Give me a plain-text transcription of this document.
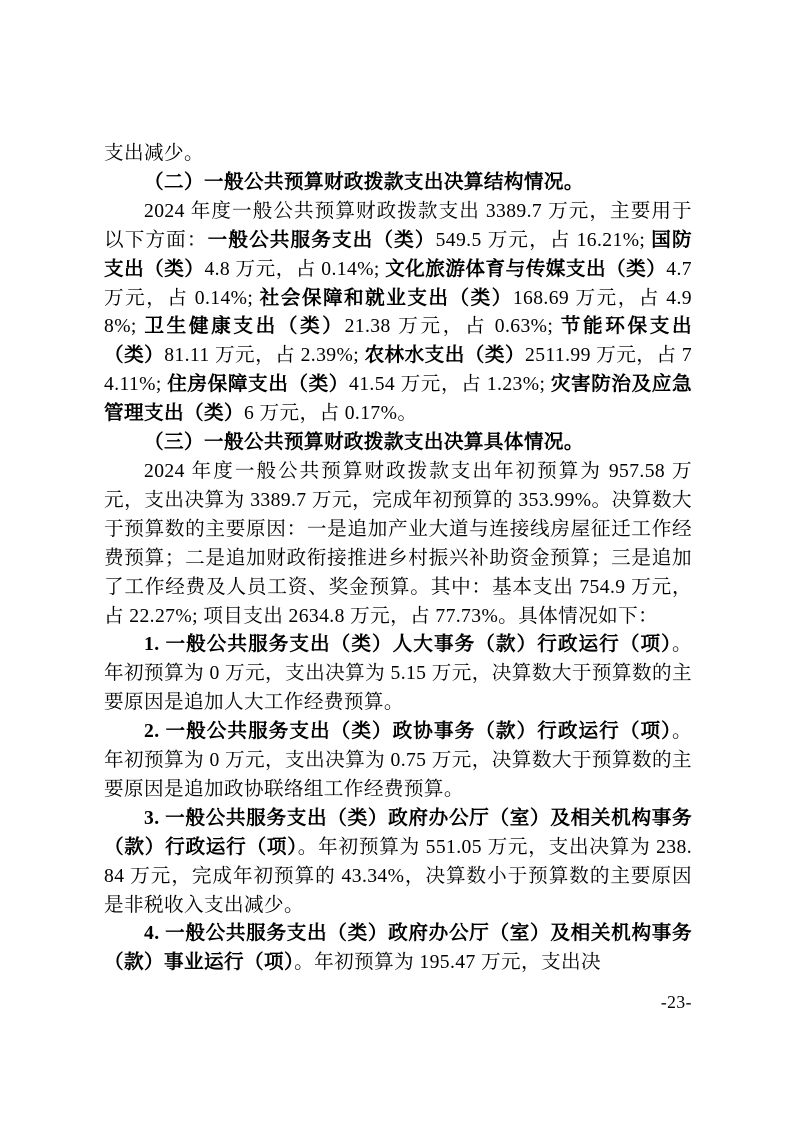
支出减少。

（二）一般公共预算财政拨款支出决算结构情况。

2024 年度一般公共预算财政拨款支出 3389.7 万元，主要用于以下方面：一般公共服务支出（类）549.5 万元，占 16.21%; 国防支出（类）4.8 万元，占 0.14%; 文化旅游体育与传媒支出（类）4.7 万元，占 0.14%; 社会保障和就业支出（类）168.69 万元，占 4.98%; 卫生健康支出（类）21.38 万元，占 0.63%; 节能环保支出（类）81.11 万元，占 2.39%; 农林水支出（类）2511.99 万元，占 74.11%; 住房保障支出（类）41.54 万元，占 1.23%; 灾害防治及应急管理支出（类）6 万元，占 0.17%。

（三）一般公共预算财政拨款支出决算具体情况。

2024 年度一般公共预算财政拨款支出年初预算为 957.58 万元，支出决算为 3389.7 万元，完成年初预算的 353.99%。决算数大于预算数的主要原因：一是追加产业大道与连接线房屋征迁工作经费预算；二是追加财政衔接推进乡村振兴补助资金预算；三是追加了工作经费及人员工资、奖金预算。其中：基本支出 754.9 万元，占 22.27%; 项目支出 2634.8 万元，占 77.73%。具体情况如下：

1. 一般公共服务支出（类）人大事务（款）行政运行（项）。年初预算为 0 万元，支出决算为 5.15 万元，决算数大于预算数的主要原因是追加人大工作经费预算。

2. 一般公共服务支出（类）政协事务（款）行政运行（项）。年初预算为 0 万元，支出决算为 0.75 万元，决算数大于预算数的主要原因是追加政协联络组工作经费预算。

3. 一般公共服务支出（类）政府办公厅（室）及相关机构事务（款）行政运行（项）。年初预算为 551.05 万元，支出决算为 238.84 万元，完成年初预算的 43.34%，决算数小于预算数的主要原因是非税收入支出减少。

4. 一般公共服务支出（类）政府办公厅（室）及相关机构事务（款）事业运行（项）。年初预算为 195.47 万元，支出决

-23-
